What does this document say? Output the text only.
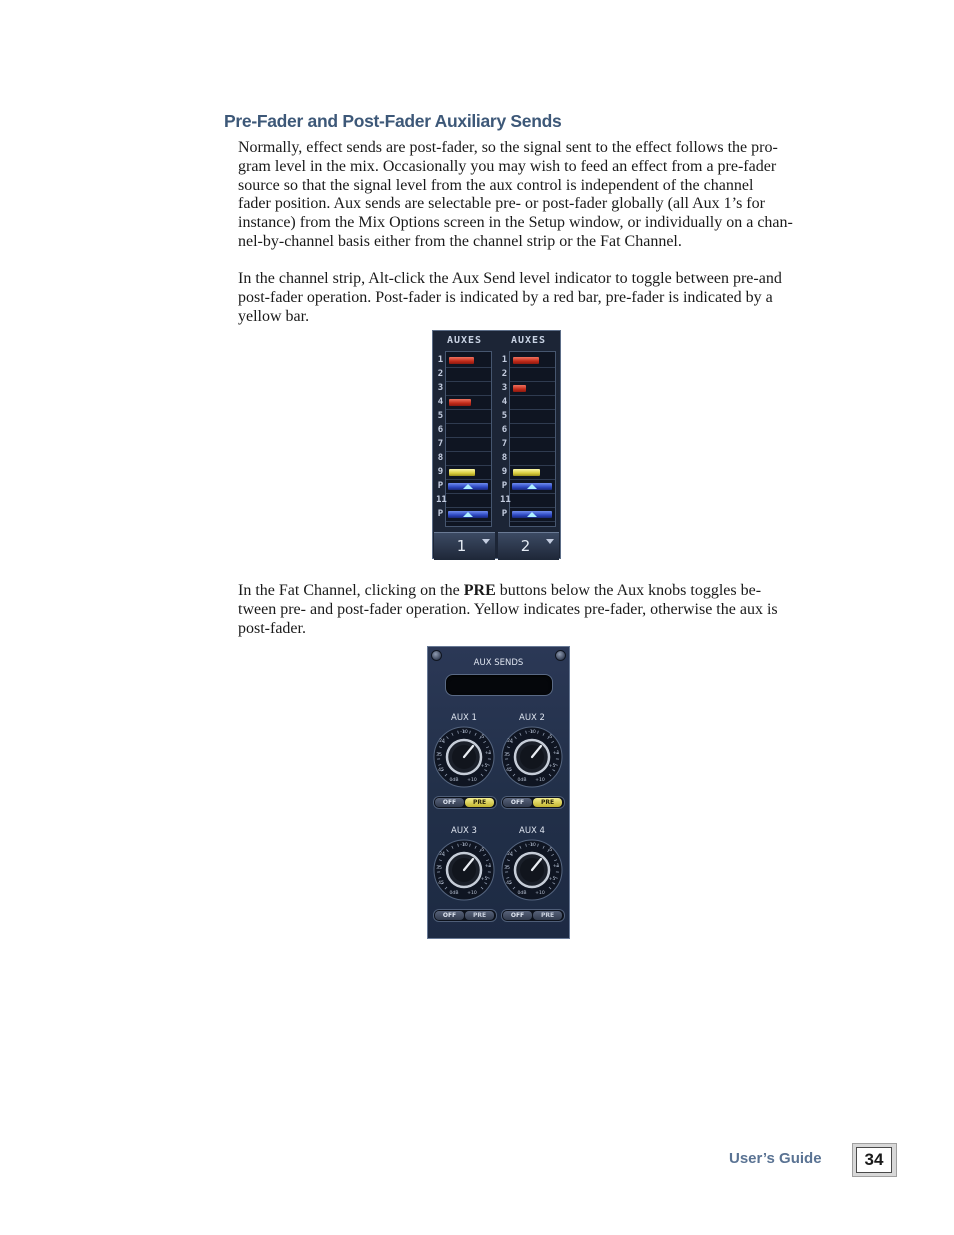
Pre-Fader and Post-Fader Auxiliary Sends

Normally, effect sends are post-fader, so the signal sent to the effect follows the pro-
gram level in the mix. Occasionally you may wish to feed an effect from a pre-fader
source so that the signal level from the aux control is independent of the channel
fader position. Aux sends are selectable pre- or post-fader globally (all Aux 1’s for
instance) from the Mix Options screen in the Setup window, or individually on a chan-
nel-by-channel basis either from the channel strip or the Fat Channel.

In the channel strip, Alt-click the Aux Send level indicator to toggle between pre-and
post-fader operation. Post-fader is indicated by a red bar, pre-fader is indicated by a
yellow bar.

AUXES
1
2
3
4
5
6
7
8
9
P
11
P
1
AUXES
1
2
3
4
5
6
7
8
9
P
11
P
2

In the Fat Channel, clicking on the PRE buttons below the Aux knobs toggles be-
tween pre- and post-fader operation. Yellow indicates pre-fader, otherwise the aux is
post-fader.

AUX SENDS
AUX 1
-10
-5
+1
+5
+10
0dB
24
35
45
OFF	PRE
AUX 2
-10
-5
+1
+5
+10
0dB
24
35
45
OFF	PRE
AUX 3
-10
-5
+1
+5
+10
0dB
24
35
45
OFF	PRE
AUX 4
-10
-5
+1
+5
+10
0dB
24
35
45
OFF	PRE
User’s Guide	34
